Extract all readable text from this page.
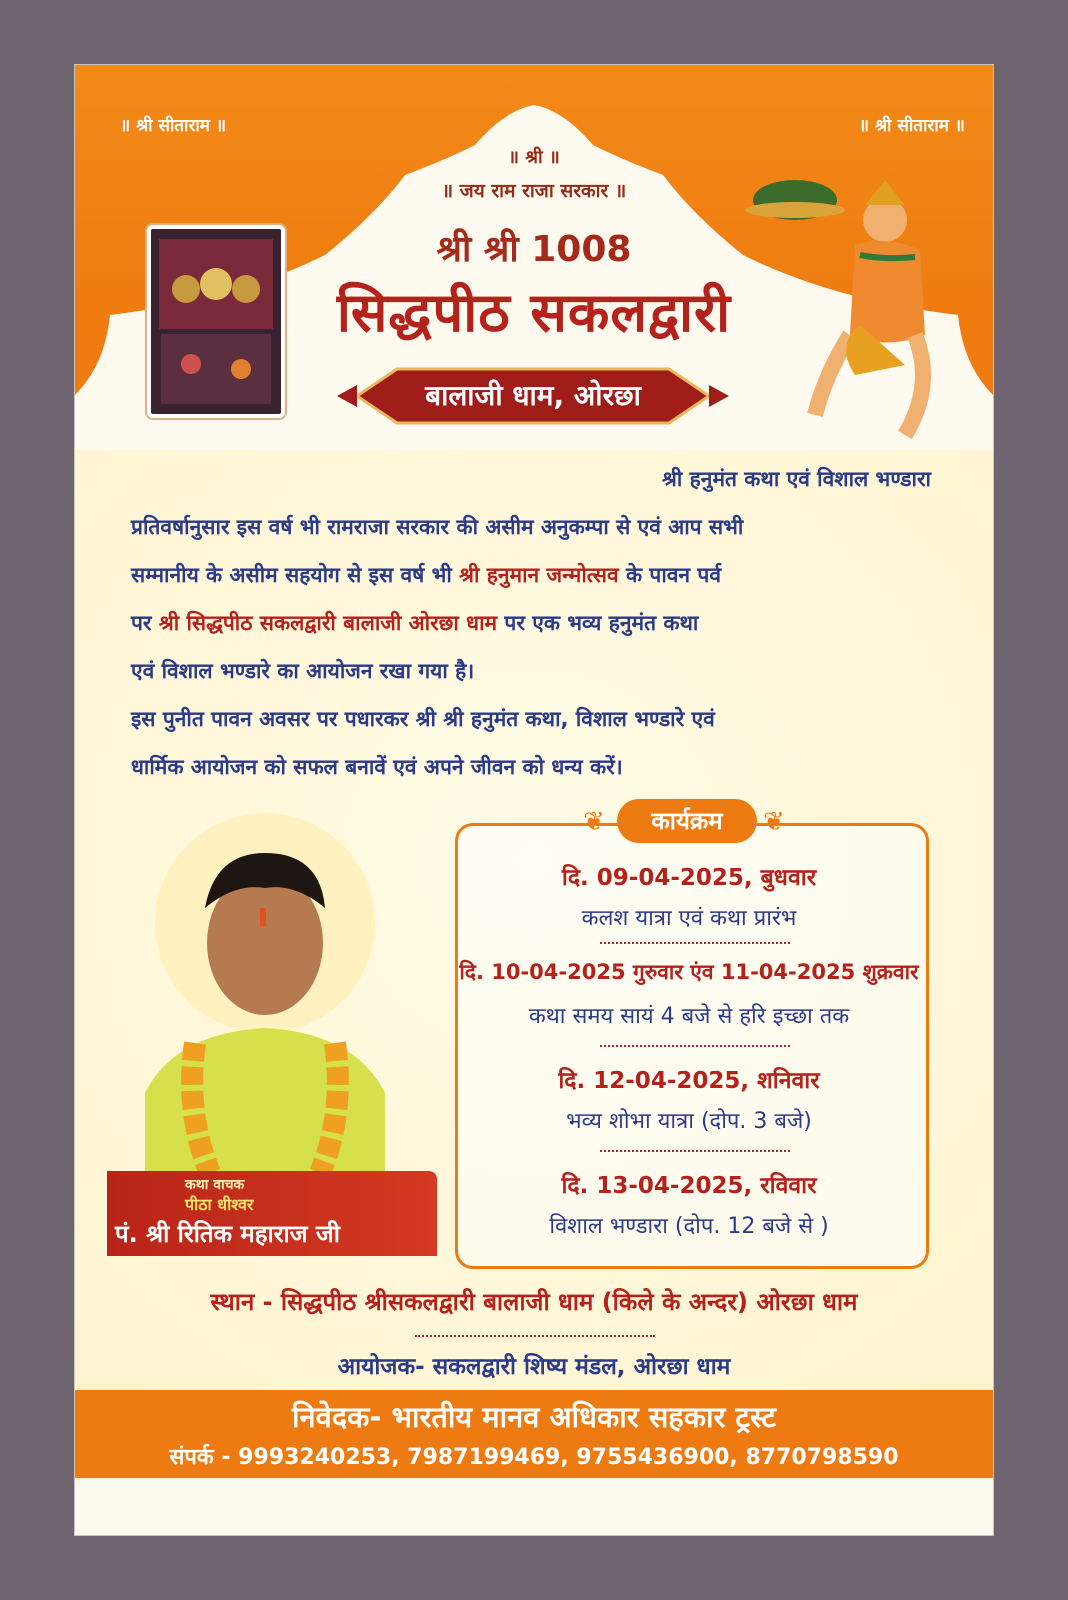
॥ श्री सीताराम ॥	॥ श्री सीताराम ॥
॥ श्री ॥
॥ जय राम राजा सरकार ॥
श्री श्री 1008
सिद्धपीठ सकलद्वारी
बालाजी धाम, ओरछा
श्री हनुमंत कथा एवं विशाल भण्डारा
प्रतिवर्षानुसार इस वर्ष भी रामराजा सरकार की असीम अनुकम्पा से एवं आप सभी
सम्मानीय के असीम सहयोग से इस वर्ष भी श्री हनुमान जन्मोत्सव के पावन पर्व
पर श्री सिद्धपीठ सकलद्वारी बालाजी ओरछा धाम पर एक भव्य हनुमंत कथा
एवं विशाल भण्डारे का आयोजन रखा गया है।
इस पुनीत पावन अवसर पर पधारकर श्री श्री हनुमंत कथा, विशाल भण्डारे एवं
धार्मिक आयोजन को सफल बनावें एवं अपने जीवन को धन्य करें।
❦	❦
कार्यक्रम
दि. 09-04-2025, बुधवार
कलश यात्रा एवं कथा प्रारंभ
दि. 10-04-2025 गुरुवार एंव 11-04-2025 शुक्रवार
कथा समय सायं 4 बजे से हरि इच्छा तक
दि. 12-04-2025, शनिवार
भव्य शोभा यात्रा (दोप. 3 बजे)
दि. 13-04-2025, रविवार
विशाल भण्डारा (दोप. 12 बजे से )
कथा वाचक
पीठा धीश्वर
पं. श्री रितिक महाराज जी
स्थान - सिद्धपीठ श्रीसकलद्वारी बालाजी धाम (किले के अन्दर) ओरछा धाम
आयोजक- सकलद्वारी शिष्य मंडल, ओरछा धाम
निवेदक- भारतीय मानव अधिकार सहकार ट्रस्ट
संपर्क - 9993240253, 7987199469, 9755436900, 8770798590
